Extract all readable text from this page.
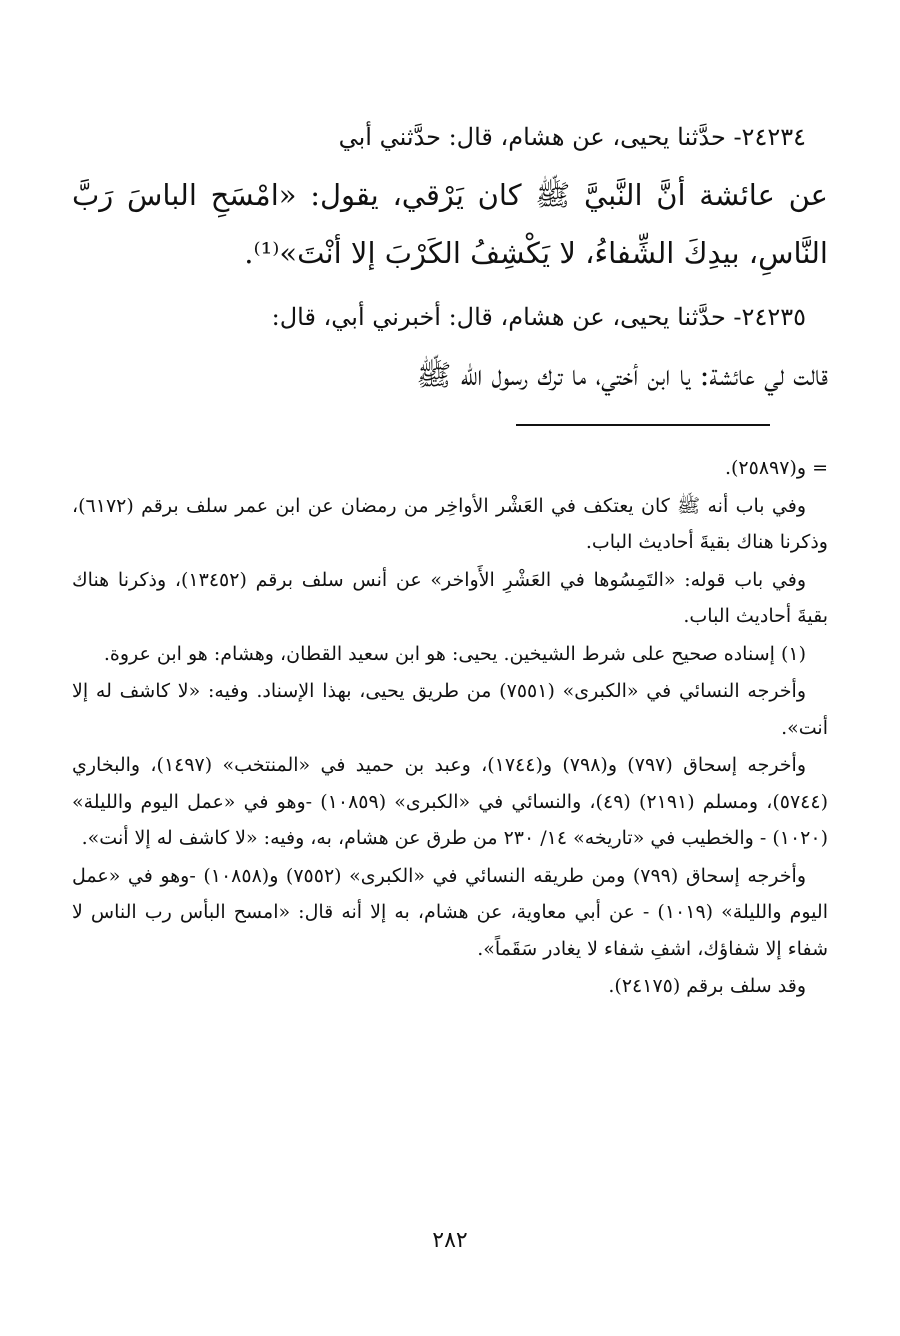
٢٤٢٣٤- حدَّثنا يحيى، عن هشام، قال: حدَّثني أبي
عن عائشة أنَّ النَّبيَّ ﷺ كان يَرْقي، يقول: «امْسَحِ الباسَ رَبَّ النَّاسِ، بيدِكَ الشِّفاءُ، لا يَكْشِفُ الكَرْبَ إلا أنْتَ»⁽¹⁾.
٢٤٢٣٥- حدَّثنا يحيى، عن هشام، قال: أخبرني أبي، قال:
قالت لي عائشة: يا ابن أختي، ما ترك رسول الله ﷺ

= و(٢٥٨٩٧).

وفي باب أنه ﷺ كان يعتكف في العَشْر الأواخِر من رمضان عن ابن عمر سلف برقم (٦١٧٢)، وذكرنا هناك بقيةَ أحاديث الباب.

وفي باب قوله: «التَمِسُوها في العَشْرِ الأَواخر» عن أنس سلف برقم (١٣٤٥٢)، وذكرنا هناك بقيةَ أحاديث الباب.

(١) إسناده صحيح على شرط الشيخين. يحيى: هو ابن سعيد القطان، وهشام: هو ابن عروة.

وأخرجه النسائي في «الكبرى» (٧٥٥١) من طريق يحيى، بهذا الإسناد. وفيه: «لا كاشف له إلا أنت».

وأخرجه إسحاق (٧٩٧) و(٧٩٨) و(١٧٤٤)، وعبد بن حميد في «المنتخب» (١٤٩٧)، والبخاري (٥٧٤٤)، ومسلم (٢١٩١) (٤٩)، والنسائي في «الكبرى» (١٠٨٥٩) -وهو في «عمل اليوم والليلة» (١٠٢٠) - والخطيب في «تاريخه» ١٤/ ٢٣٠ من طرق عن هشام، به، وفيه: «لا كاشف له إلا أنت».

وأخرجه إسحاق (٧٩٩) ومن طريقه النسائي في «الكبرى» (٧٥٥٢) و(١٠٨٥٨) -وهو في «عمل اليوم والليلة» (١٠١٩) - عن أبي معاوية، عن هشام، به إلا أنه قال: «امسح البأس رب الناس لا شفاء إلا شفاؤك، اشفِ شفاء لا يغادر سَقَماً».

وقد سلف برقم (٢٤١٧٥).

٢٨٢
